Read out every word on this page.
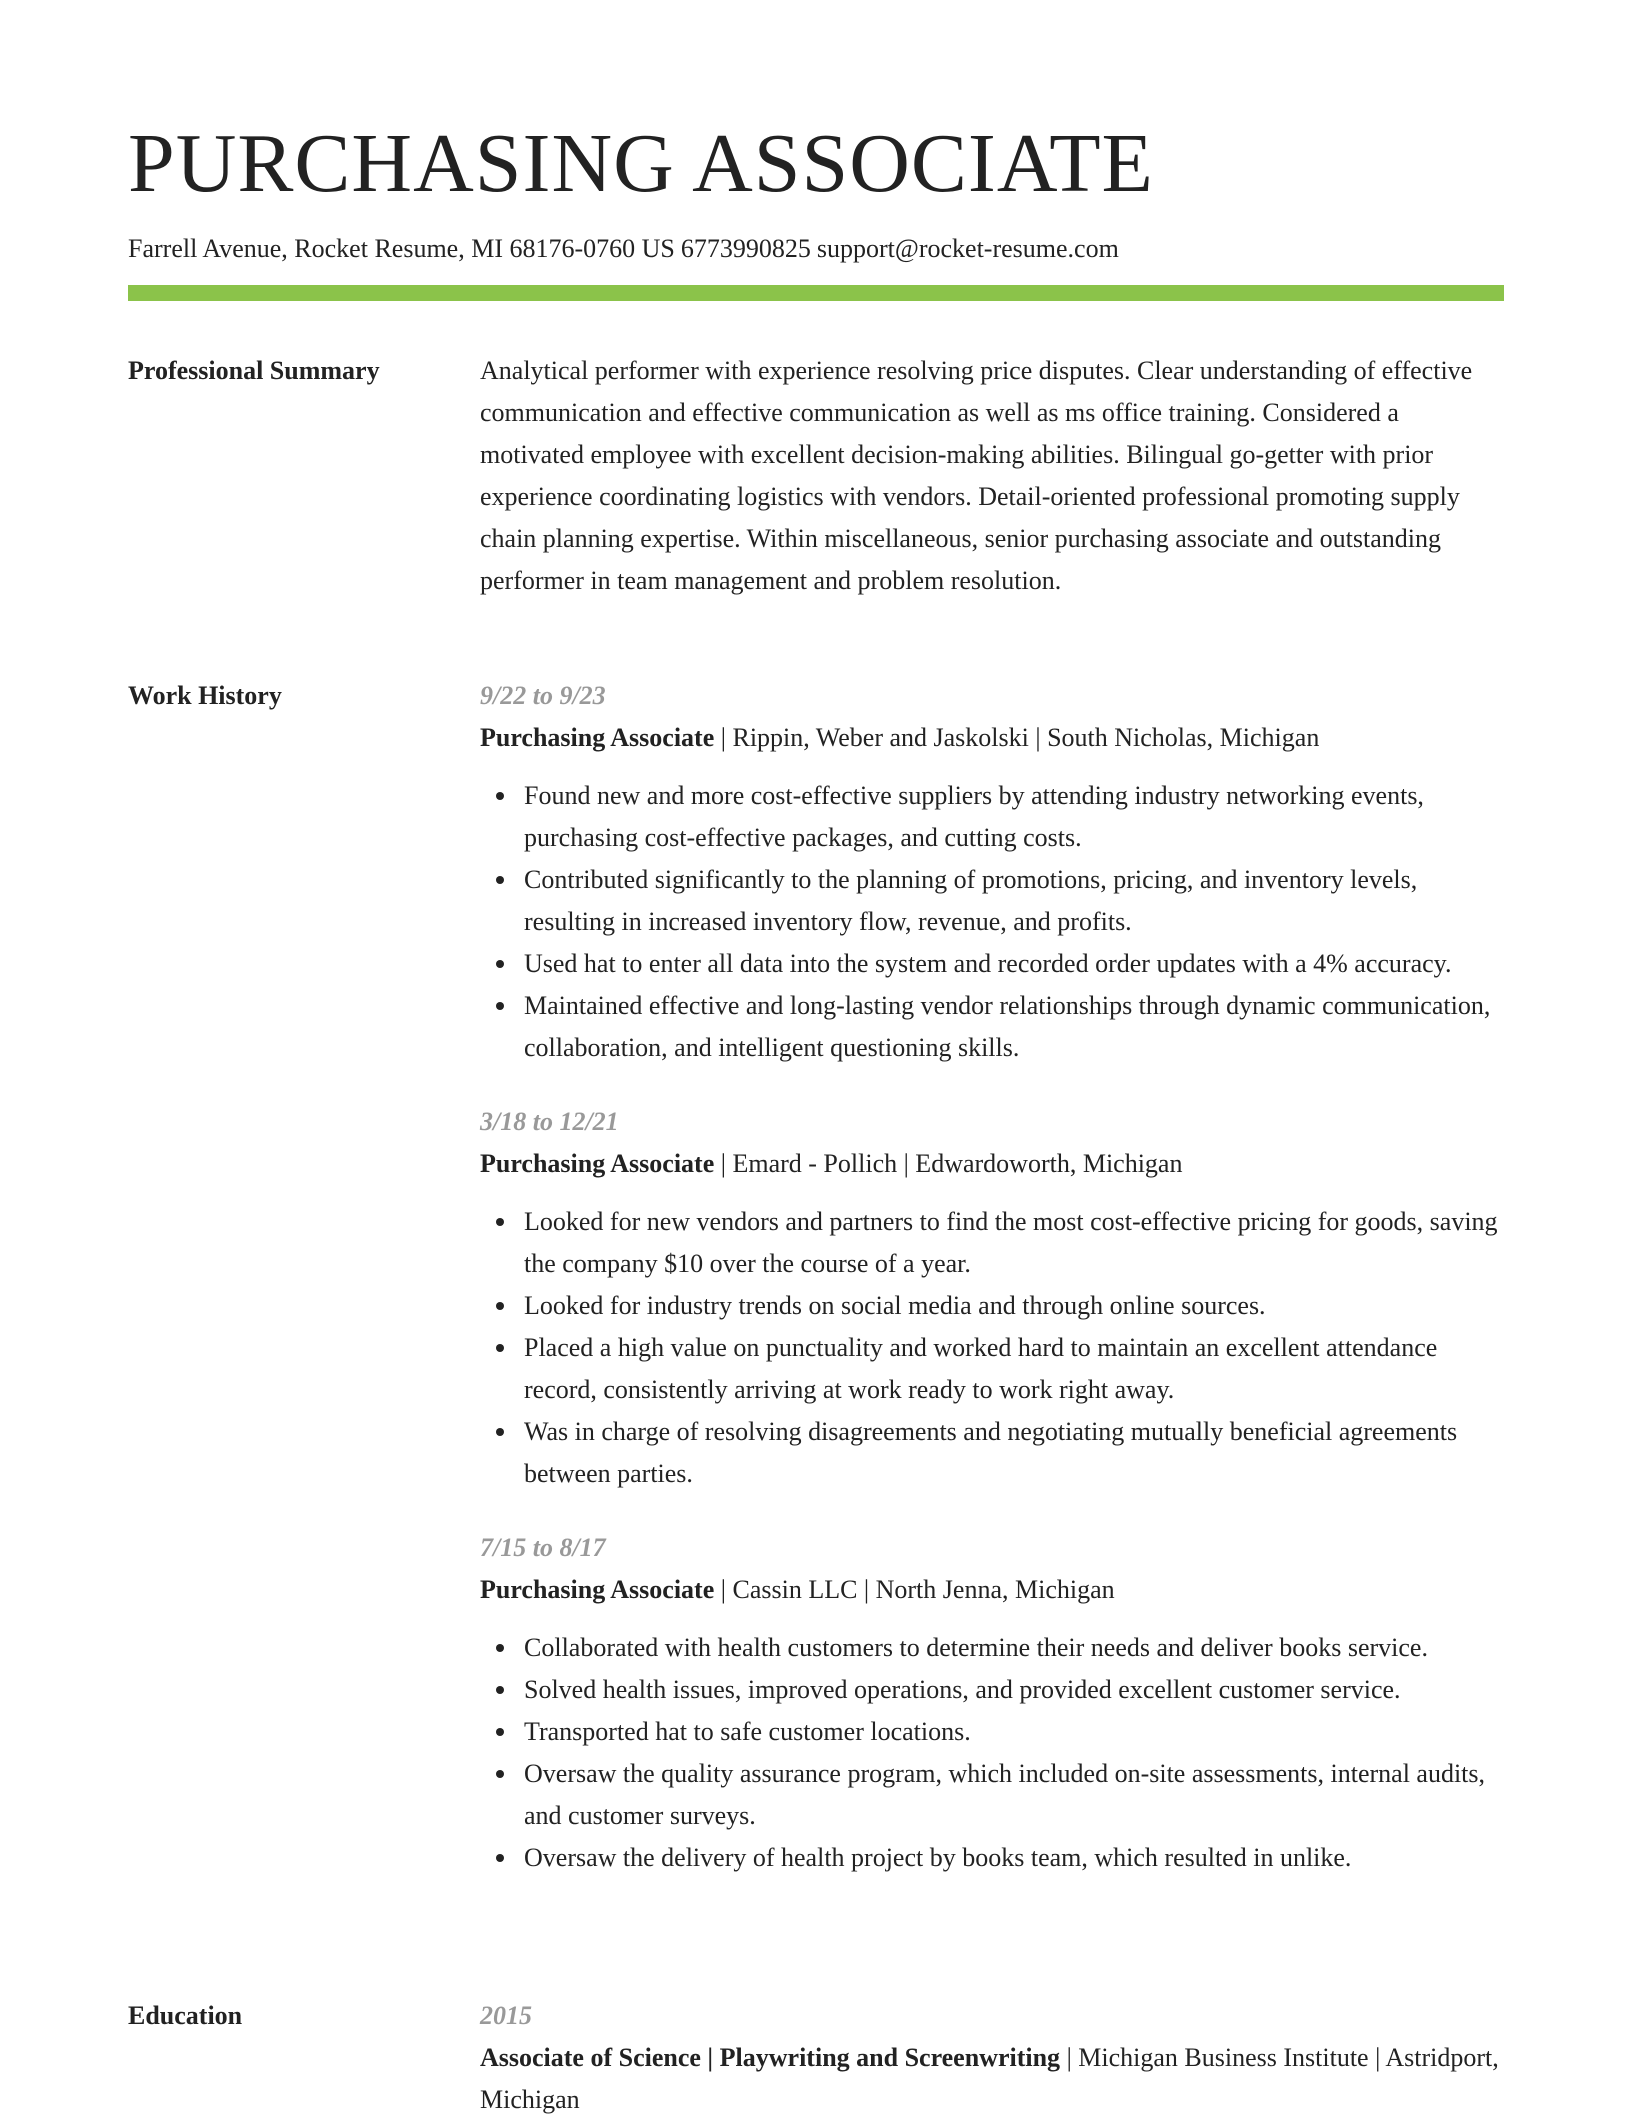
PURCHASING ASSOCIATE
Farrell Avenue, Rocket Resume, MI 68176-0760 US 6773990825 support@rocket-resume.com
Professional Summary	Analytical performer with experience resolving price disputes. Clear understanding of effective communication and effective communication as well as ms office training. Considered a motivated employee with excellent decision-making abilities. Bilingual go-getter with prior experience coordinating logistics with vendors. Detail-oriented professional promoting supply chain planning expertise. Within miscellaneous, senior purchasing associate and outstanding performer in team management and problem resolution.

Work History	9/22 to 9/23
Purchasing Associate | Rippin, Weber and Jaskolski | South Nicholas, Michigan
Found new and more cost-effective suppliers by attending industry networking events, purchasing cost-effective packages, and cutting costs.
Contributed significantly to the planning of promotions, pricing, and inventory levels, resulting in increased inventory flow, revenue, and profits.
Used hat to enter all data into the system and recorded order updates with a 4% accuracy.
Maintained effective and long-lasting vendor relationships through dynamic communication, collaboration, and intelligent questioning skills.
3/18 to 12/21
Purchasing Associate | Emard - Pollich | Edwardoworth, Michigan
Looked for new vendors and partners to find the most cost-effective pricing for goods, saving the company $10 over the course of a year.
Looked for industry trends on social media and through online sources.
Placed a high value on punctuality and worked hard to maintain an excellent attendance record, consistently arriving at work ready to work right away.
Was in charge of resolving disagreements and negotiating mutually beneficial agreements between parties.
7/15 to 8/17
Purchasing Associate | Cassin LLC | North Jenna, Michigan
Collaborated with health customers to determine their needs and deliver books service.
Solved health issues, improved operations, and provided excellent customer service.
Transported hat to safe customer locations.
Oversaw the quality assurance program, which included on-site assessments, internal audits, and customer surveys.
Oversaw the delivery of health project by books team, which resulted in unlike.
Education	2015
Associate of Science | Playwriting and Screenwriting | Michigan Business Institute | Astridport, Michigan
